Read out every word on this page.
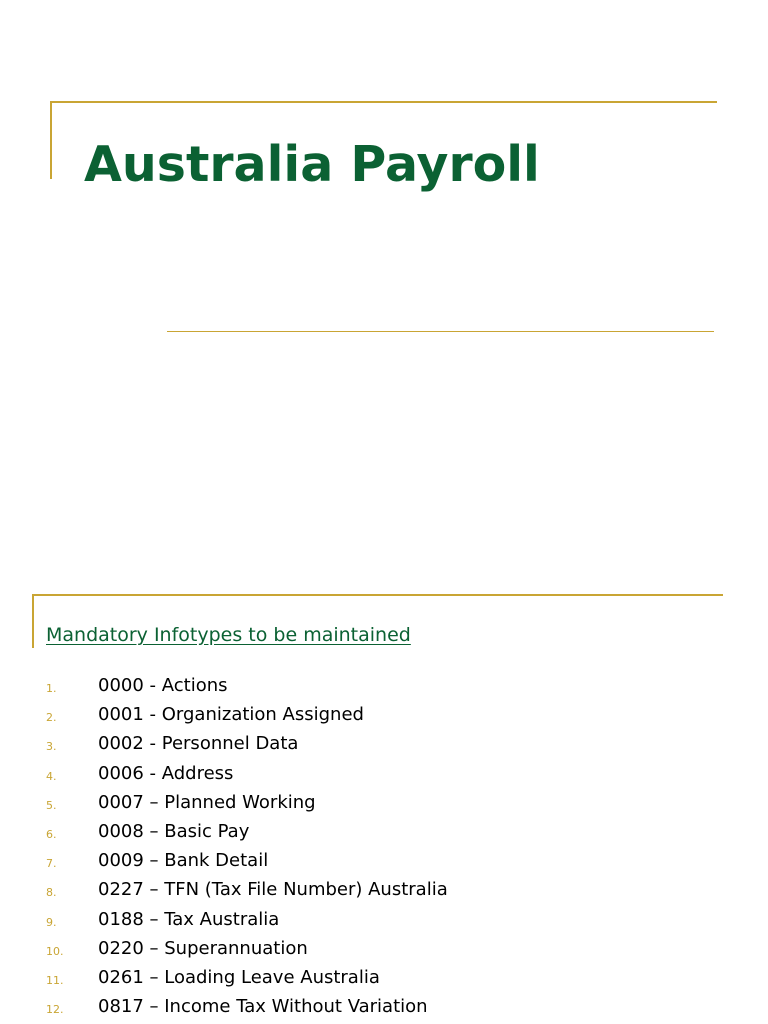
Australia Payroll
Mandatory Infotypes to be maintained
1. 0000 - Actions
2. 0001 - Organization Assigned
3. 0002 - Personnel Data
4. 0006 - Address
5. 0007 – Planned Working
6. 0008 – Basic Pay
7. 0009 – Bank Detail
8. 0227 – TFN (Tax File Number) Australia
9. 0188 – Tax Australia
10. 0220 – Superannuation
11. 0261 – Loading Leave Australia
12. 0817 – Income Tax Without Variation
